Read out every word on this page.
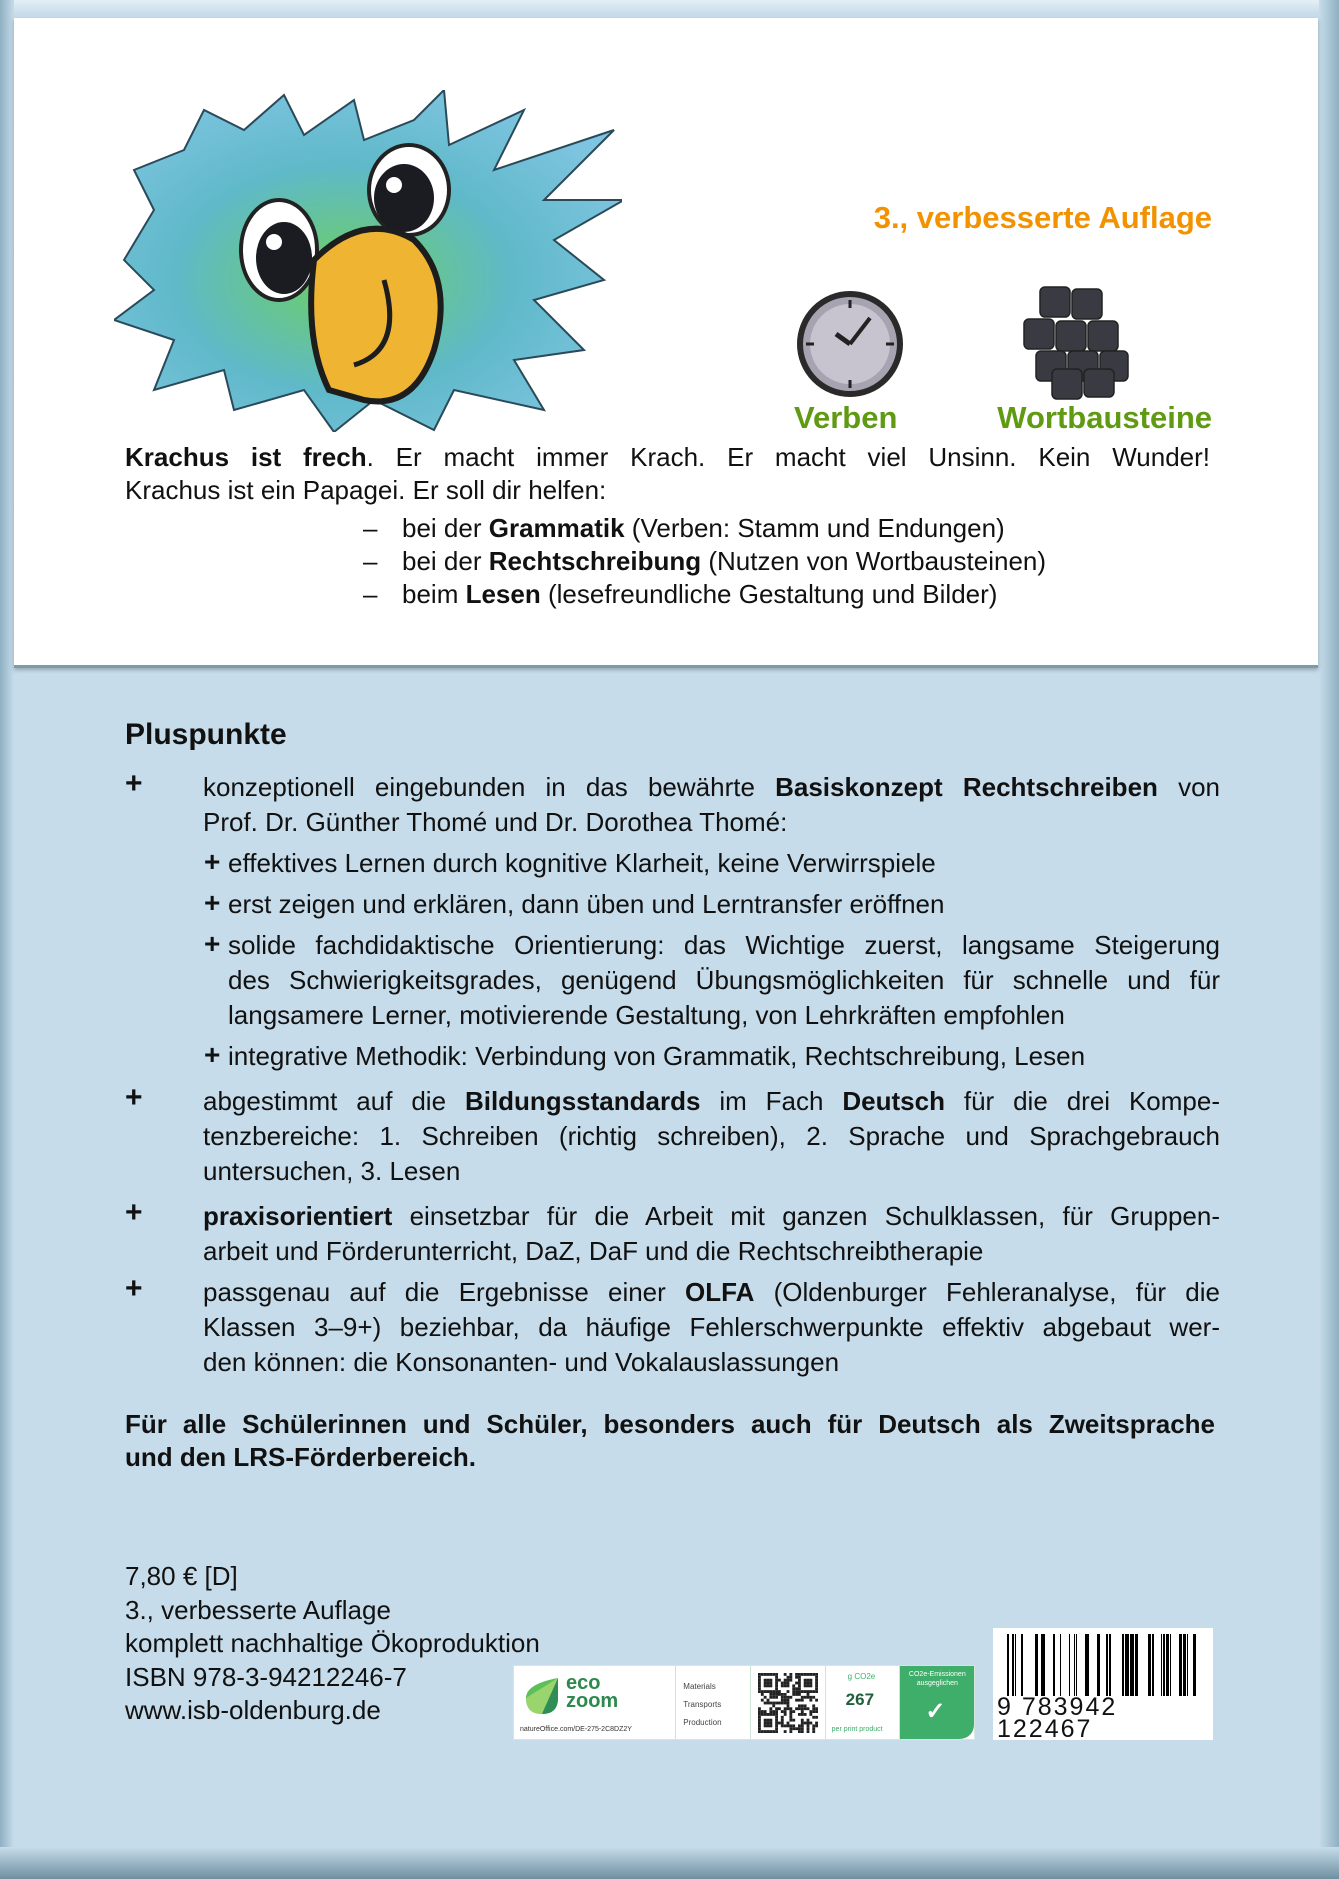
3., verbesserte Auflage
Verben	Wortbausteine
Krachus ist frech. Er macht immer Krach. Er macht viel Unsinn. Kein Wunder!
Krachus ist ein Papagei. Er soll dir helfen:
– bei der Grammatik (Verben: Stamm und Endungen)
– bei der Rechtschreibung (Nutzen von Wortbausteinen)
– beim Lesen (lesefreundliche Gestaltung und Bilder)
Pluspunkte
+ konzeptionell eingebunden in das bewährte Basiskonzept Rechtschreiben von
Prof. Dr. Günther Thomé und Dr. Dorothea Thomé:
+ effektives Lernen durch kognitive Klarheit, keine Verwirrspiele
+ erst zeigen und erklären, dann üben und Lerntransfer eröffnen
+ solide fachdidaktische Orientierung: das Wichtige zuerst, langsame Steigerung
des Schwierigkeitsgrades, genügend Übungsmöglichkeiten für schnelle und für
langsamere Lerner, motivierende Gestaltung, von Lehrkräften empfohlen
+ integrative Methodik: Verbindung von Grammatik, Rechtschreibung, Lesen
+ abgestimmt auf die Bildungsstandards im Fach Deutsch für die drei Kompe-
tenzbereiche: 1. Schreiben (richtig schreiben), 2. Sprache und Sprachgebrauch
untersuchen, 3. Lesen
+ praxisorientiert einsetzbar für die Arbeit mit ganzen Schulklassen, für Gruppen-
arbeit und Förderunterricht, DaZ, DaF und die Rechtschreibtherapie
+ passgenau auf die Ergebnisse einer OLFA (Oldenburger Fehleranalyse, für die
Klassen 3–9+) beziehbar, da häufige Fehlerschwerpunkte effektiv abgebaut wer-
den können: die Konsonanten- und Vokalauslassungen
Für alle Schülerinnen und Schüler, besonders auch für Deutsch als Zweitsprache
und den LRS-Förderbereich.
7,80 € [D]
3., verbesserte Auflage
komplett nachhaltige Ökoproduktion
ISBN 978-3-94212246-7
www.isb-oldenburg.de
eco
zoom
natureOffice.com/DE-275-2C8DZ2Y
Materials
Transports
Production
g CO2e
267
per print product
CO2e-Emissionen ausgeglichen
✓ 9 783942 122467
